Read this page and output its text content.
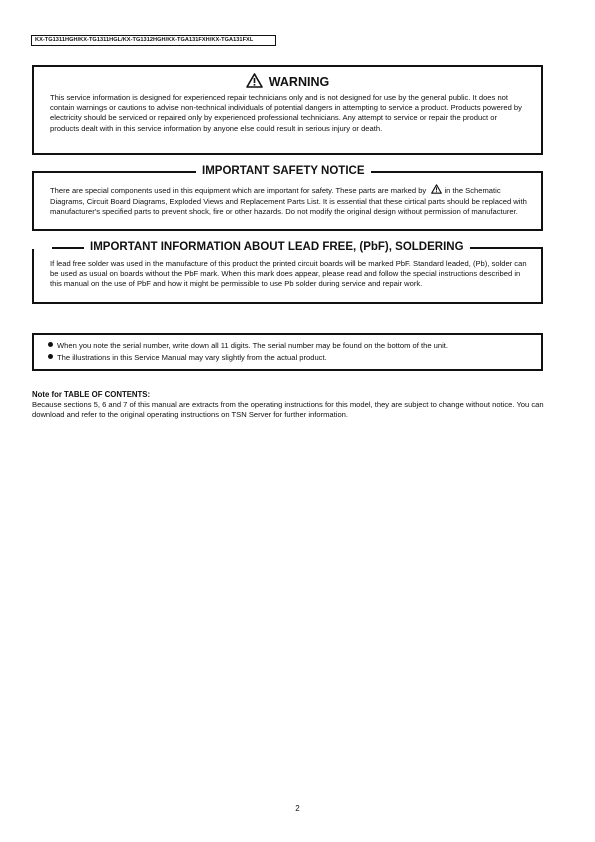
KX-TG1311HGH/KX-TG1311HGL/KX-TG1312HGH/KX-TGA131FXH/KX-TGA131FXL
WARNING
This service information is designed for experienced repair technicians only and is not designed for use by the general public. It does not contain warnings or cautions to advise non-technical individuals of potential dangers in attempting to service a product. Products powered by electricity should be serviced or repaired only by experienced professional technicians. Any attempt to service or repair the product or products dealt with in this service information by anyone else could result in serious injury or death.
IMPORTANT SAFETY NOTICE
There are special components used in this equipment which are important for safety. These parts are marked by in the Schematic Diagrams, Circuit Board Diagrams, Exploded Views and Replacement Parts List. It is essential that these cirtical parts should be replaced with manufacturer's specified parts to prevent shock, fire or other hazards. Do not modify the original design without permission of manufacturer.
IMPORTANT INFORMATION ABOUT LEAD FREE, (PbF), SOLDERING
If lead free solder was used in the manufacture of this product the printed circuit boards will be marked PbF. Standard leaded, (Pb), solder can be used as usual on boards without the PbF mark. When this mark does appear, please read and follow the special instructions described in this manual on the use of PbF and how it might be permissible to use Pb solder during service and repair work.
When you note the serial number, write down all 11 digits. The serial number may be found on the bottom of the unit.
The illustrations in this Service Manual may vary slightly from the actual product.
Note for TABLE OF CONTENTS:
Because sections 5, 6 and 7 of this manual are extracts from the operating instructions for this model, they are subject to change without notice. You can download and refer to the original operating instructions on TSN Server for further information.
2
